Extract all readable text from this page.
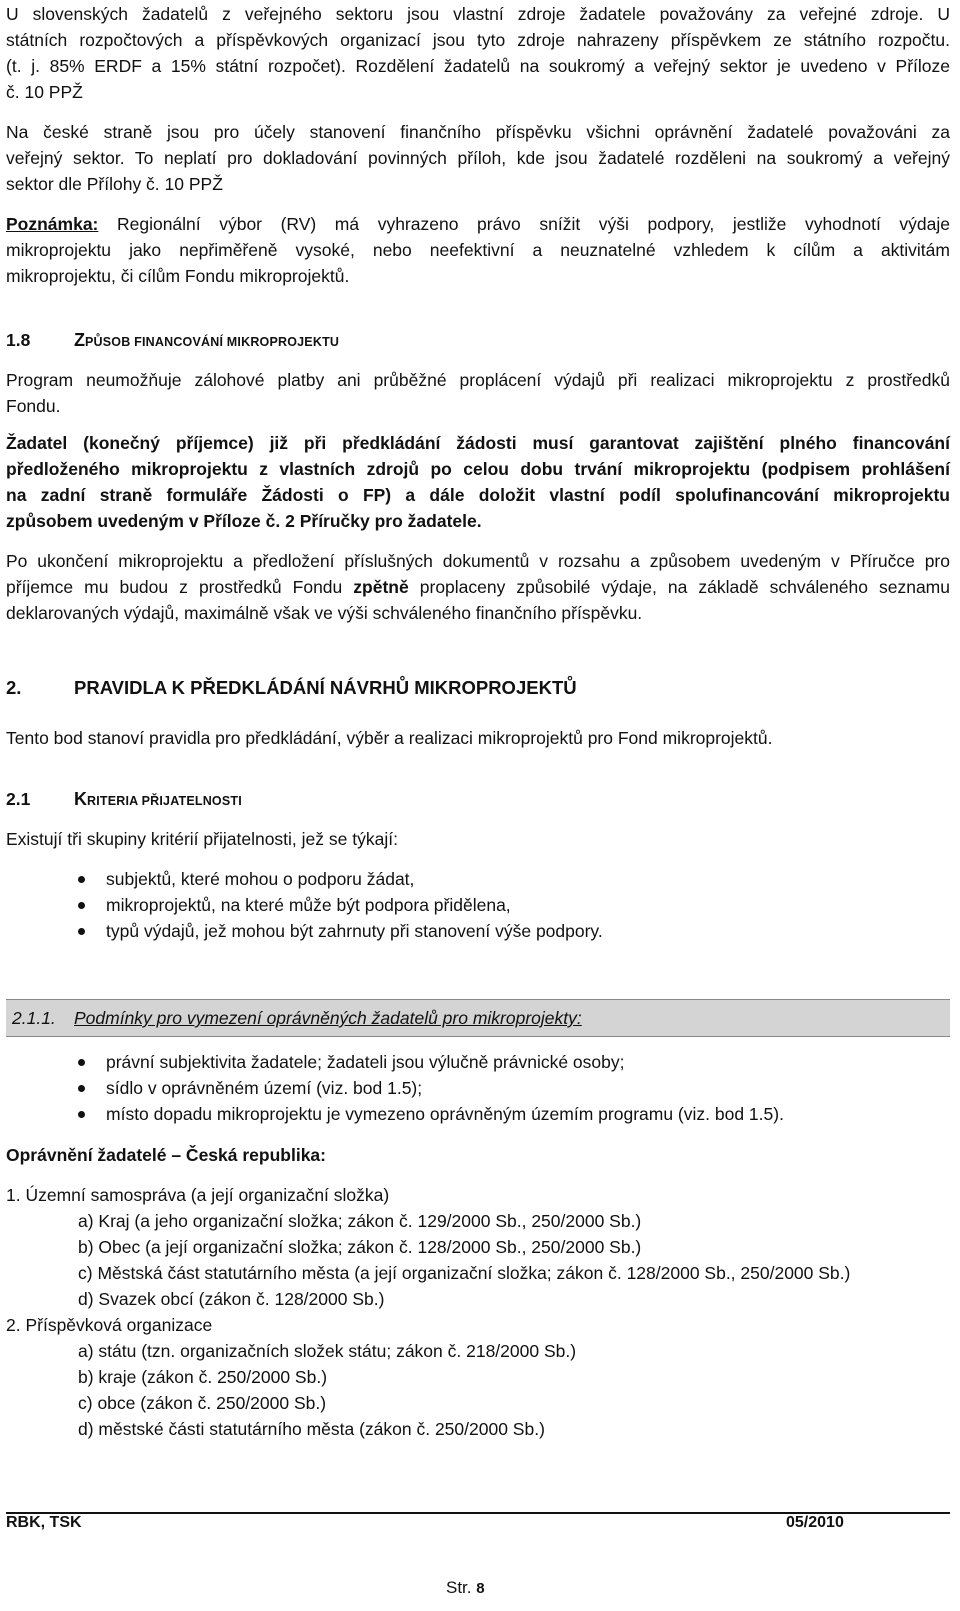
U slovenských žadatelů z veřejného sektoru jsou vlastní zdroje žadatele považovány za veřejné zdroje. U

státních rozpočtových a příspěvkových organizací jsou tyto zdroje nahrazeny příspěvkem ze státního rozpočtu.

(t. j. 85% ERDF a 15% státní rozpočet). Rozdělení žadatelů na soukromý a veřejný sektor je uvedeno v Příloze

č. 10 PPŽ

Na české straně jsou pro účely stanovení finančního příspěvku všichni oprávnění žadatelé považováni za

veřejný sektor. To neplatí pro dokladování povinných příloh, kde jsou žadatelé rozděleni na soukromý a veřejný

sektor dle Přílohy č. 10 PPŽ

Poznámka: Regionální výbor (RV) má vyhrazeno právo snížit výši podpory, jestliže vyhodnotí výdaje

mikroprojektu jako nepřiměřeně vysoké, nebo neefektivní a neuznatelné vzhledem k cílům a aktivitám

mikroprojektu, či cílům Fondu mikroprojektů.

1.8 ZPŮSOB FINANCOVÁNÍ MIKROPROJEKTU

Program neumožňuje zálohové platby ani průběžné proplácení výdajů při realizaci mikroprojektu z prostředků

Fondu.

Žadatel (konečný příjemce) již při předkládání žádosti musí garantovat zajištění plného financování

předloženého mikroprojektu z vlastních zdrojů po celou dobu trvání mikroprojektu (podpisem prohlášení

na zadní straně formuláře Žádosti o FP) a dále doložit vlastní podíl spolufinancování mikroprojektu

způsobem uvedeným v Příloze č. 2 Příručky pro žadatele.

Po ukončení mikroprojektu a předložení příslušných dokumentů v rozsahu a způsobem uvedeným v Příručce pro

příjemce mu budou z prostředků Fondu zpětně proplaceny způsobilé výdaje, na základě schváleného seznamu

deklarovaných výdajů, maximálně však ve výši schváleného finančního příspěvku.

2.	PRAVIDLA K PŘEDKLÁDÁNÍ NÁVRHŮ MIKROPROJEKTŮ

Tento bod stanoví pravidla pro předkládání, výběr a realizaci mikroprojektů pro Fond mikroprojektů.

2.1 KRITERIA PŘIJATELNOSTI

Existují tři skupiny kritérií přijatelnosti, jež se týkají:

subjektů, které mohou o podporu žádat,
mikroprojektů, na které může být podpora přidělena,
typů výdajů, jež mohou být zahrnuty při stanovení výše podpory.
2.1.1. Podmínky pro vymezení oprávněných žadatelů pro mikroprojekty:
právní subjektivita žadatele; žadateli jsou výlučně právnické osoby;
sídlo v oprávněném území (viz. bod 1.5);
místo dopadu mikroprojektu je vymezeno oprávněným územím programu (viz. bod 1.5).

Oprávnění žadatelé – Česká republika:

1. Územní samospráva (a její organizační složka)

a) Kraj (a jeho organizační složka; zákon č. 129/2000 Sb., 250/2000 Sb.)

b) Obec (a její organizační složka; zákon č. 128/2000 Sb., 250/2000 Sb.)

c) Městská část statutárního města (a její organizační složka; zákon č. 128/2000 Sb., 250/2000 Sb.)

d) Svazek obcí (zákon č. 128/2000 Sb.)

2. Příspěvková organizace

a) státu (tzn. organizačních složek státu; zákon č. 218/2000 Sb.)

b) kraje (zákon č. 250/2000 Sb.)

c) obce (zákon č. 250/2000 Sb.)

d) městské části statutárního města (zákon č. 250/2000 Sb.)

RBK, TSK	05/2010
Str. 8
